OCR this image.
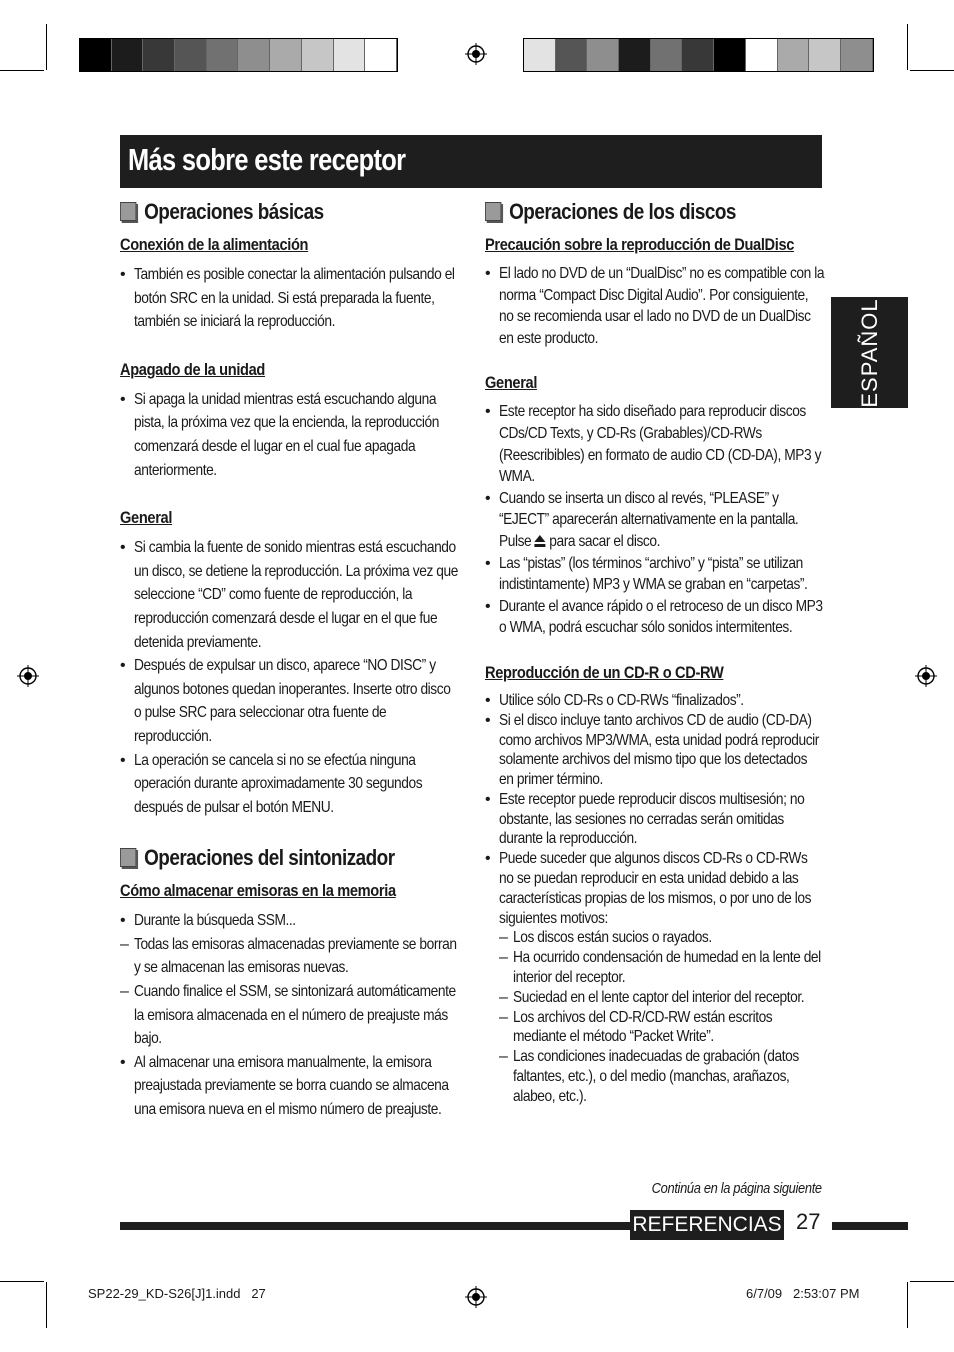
Más sobre este receptor
ESPAÑOL
Operaciones básicas
Conexión de la alimentación
• También es posible conectar la alimentación pulsando el botón SRC en la unidad. Si está preparada la fuente, también se iniciará la reproducción.
Apagado de la unidad
• Si apaga la unidad mientras está escuchando alguna pista, la próxima vez que la encienda, la reproducción comenzará desde el lugar en el cual fue apagada anteriormente.
General
• Si cambia la fuente de sonido mientras está escuchando un disco, se detiene la reproducción. La próxima vez que seleccione “CD” como fuente de reproducción, la reproducción comenzará desde el lugar en el que fue detenida previamente.
• Después de expulsar un disco, aparece “NO DISC” y algunos botones quedan inoperantes. Inserte otro disco o pulse SRC para seleccionar otra fuente de reproducción.
• La operación se cancela si no se efectúa ninguna operación durante aproximadamente 30 segundos después de pulsar el botón MENU.
Operaciones del sintonizador
Cómo almacenar emisoras en la memoria
• Durante la búsqueda SSM...
– Todas las emisoras almacenadas previamente se borran y se almacenan las emisoras nuevas.
– Cuando finalice el SSM, se sintonizará automáticamente la emisora almacenada en el número de preajuste más bajo.
• Al almacenar una emisora manualmente, la emisora preajustada previamente se borra cuando se almacena una emisora nueva en el mismo número de preajuste.
Operaciones de los discos
Precaución sobre la reproducción de DualDisc
• El lado no DVD de un “DualDisc” no es compatible con la norma “Compact Disc Digital Audio”. Por consiguiente, no se recomienda usar el lado no DVD de un DualDisc en este producto.
General
• Este receptor ha sido diseñado para reproducir discos CDs/CD Texts, y CD-Rs (Grabables)/CD-RWs (Reescribibles) en formato de audio CD (CD-DA), MP3 y WMA.
• Cuando se inserta un disco al revés, “PLEASE” y “EJECT” aparecerán alternativamente en la pantalla. Pulse para sacar el disco.
• Las “pistas” (los términos “archivo” y “pista” se utilizan indistintamente) MP3 y WMA se graban en “carpetas”.
• Durante el avance rápido o el retroceso de un disco MP3 o WMA, podrá escuchar sólo sonidos intermitentes.
Reproducción de un CD-R o CD-RW
• Utilice sólo CD-Rs o CD-RWs “finalizados”.
• Si el disco incluye tanto archivos CD de audio (CD-DA) como archivos MP3/WMA, esta unidad podrá reproducir solamente archivos del mismo tipo que los detectados en primer término.
• Este receptor puede reproducir discos multisesión; no obstante, las sesiones no cerradas serán omitidas durante la reproducción.
• Puede suceder que algunos discos CD-Rs o CD-RWs no se puedan reproducir en esta unidad debido a las características propias de los mismos, o por uno de los siguientes motivos:
– Los discos están sucios o rayados.
– Ha ocurrido condensación de humedad en la lente del interior del receptor.
– Suciedad en el lente captor del interior del receptor.
– Los archivos del CD-R/CD-RW están escritos mediante el método “Packet Write”.
– Las condiciones inadecuadas de grabación (datos faltantes, etc.), o del medio (manchas, arañazos, alabeo, etc.).
Continúa en la página siguiente
REFERENCIAS 27
SP22-29_KD-S26[J]1.indd   27	6/7/09   2:53:07 PM
